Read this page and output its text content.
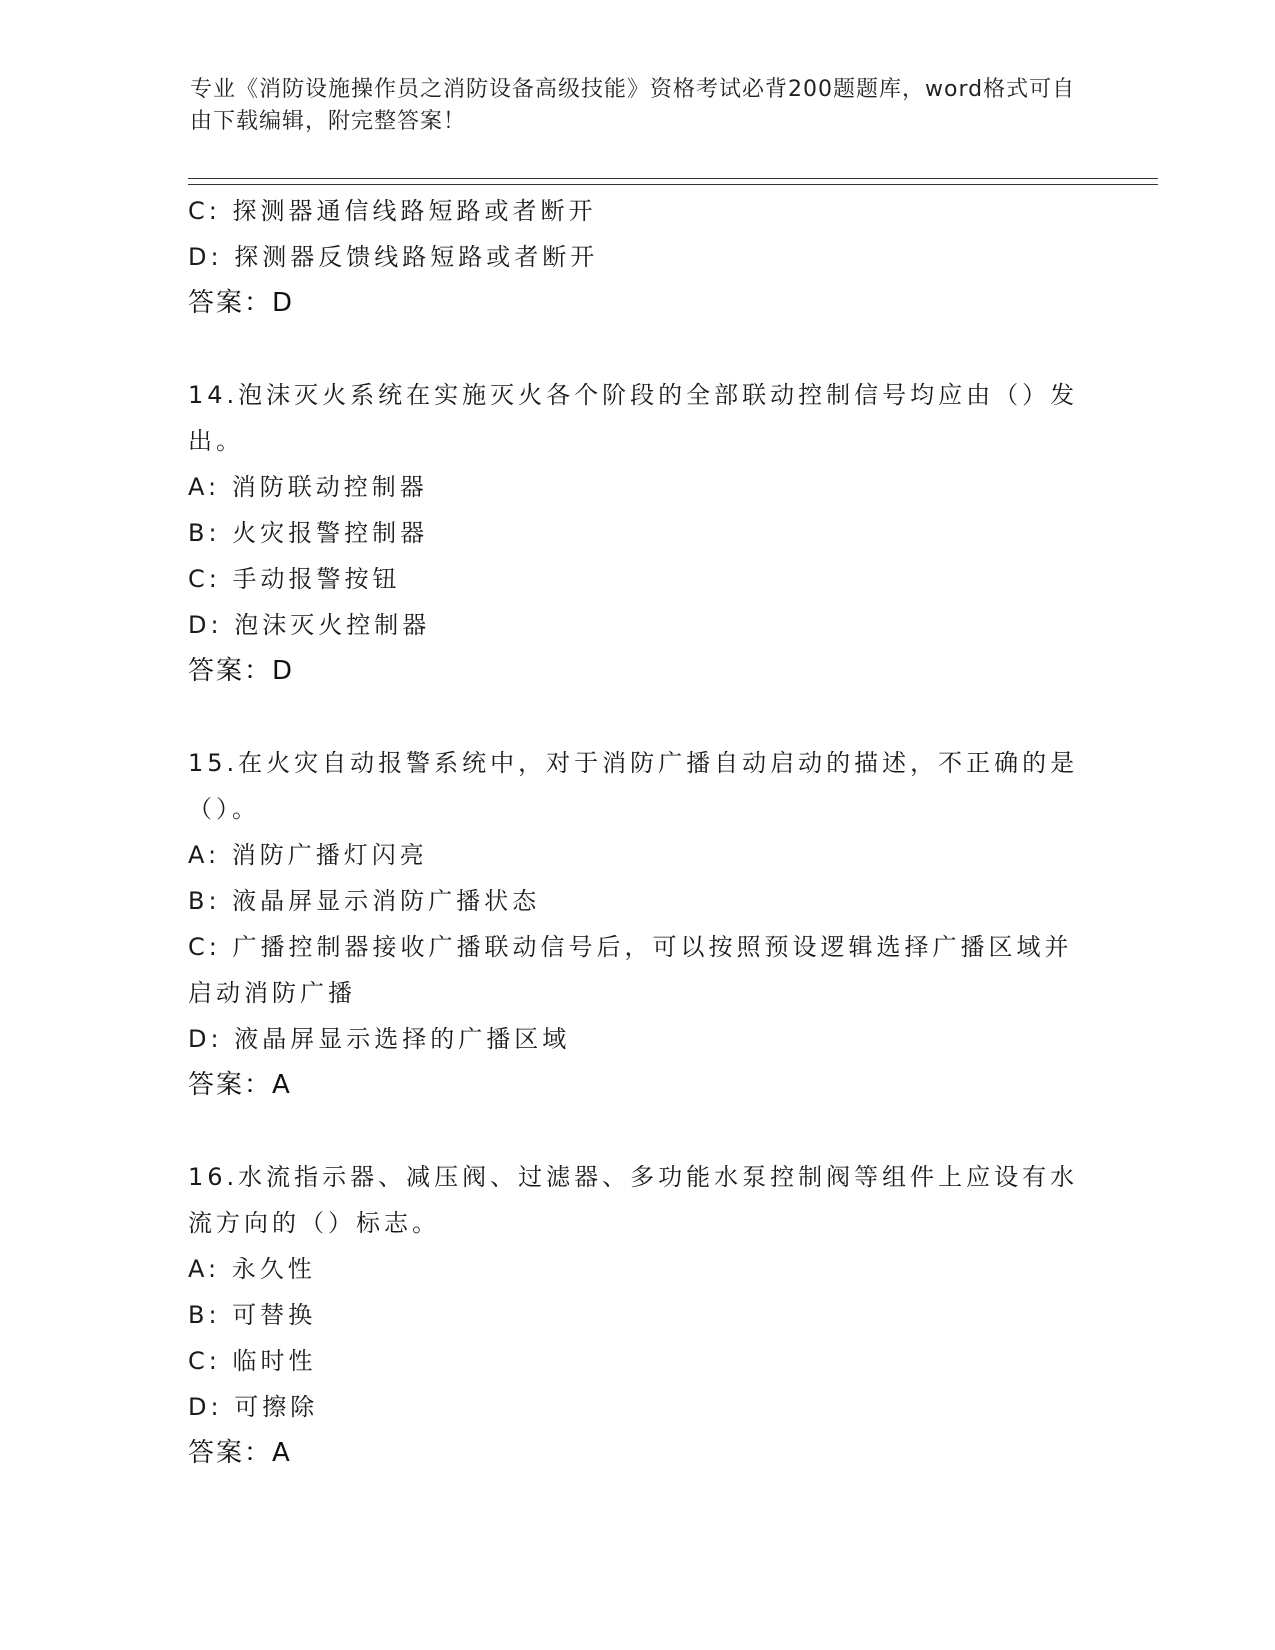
专业《消防设施操作员之消防设备高级技能》资格考试必背200题题库，word格式可自由下载编辑，附完整答案！
C: 探测器通信线路短路或者断开
D: 探测器反馈线路短路或者断开
答案：D
14.泡沫灭火系统在实施灭火各个阶段的全部联动控制信号均应由（）发出。
A: 消防联动控制器
B: 火灾报警控制器
C: 手动报警按钮
D: 泡沫灭火控制器
答案：D
15.在火灾自动报警系统中，对于消防广播自动启动的描述，不正确的是（）。
A: 消防广播灯闪亮
B: 液晶屏显示消防广播状态
C: 广播控制器接收广播联动信号后，可以按照预设逻辑选择广播区域并启动消防广播
D: 液晶屏显示选择的广播区域
答案：A
16.水流指示器、减压阀、过滤器、多功能水泵控制阀等组件上应设有水流方向的（）标志。
A: 永久性
B: 可替换
C: 临时性
D: 可擦除
答案：A
